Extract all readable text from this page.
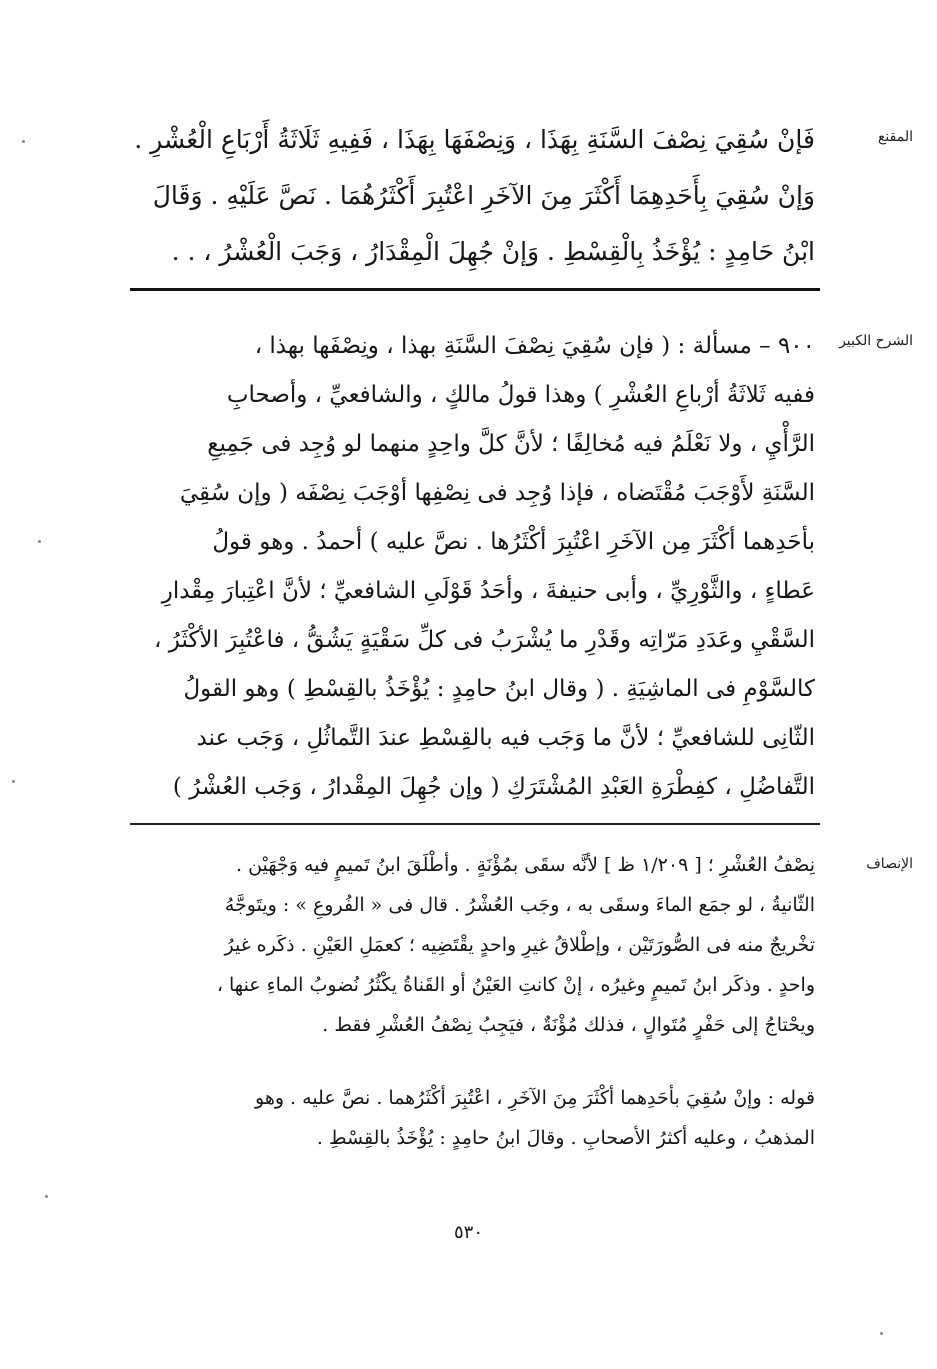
المقنع
فَإنْ سُقِيَ نِصْفَ السَّنَةِ بِهَذَا ، وَنِصْفَهَا بِهَذَا ، فَفِيهِ ثَلَاثَةُ أَرْبَاعِ الْعُشْرِ .
وَإنْ سُقِيَ بِأَحَدِهِمَا أَكْثَرَ مِنَ الآخَرِ اعْتُبِرَ أَكْثَرُهُمَا . نَصَّ عَلَيْهِ . وَقَالَ
ابْنُ حَامِدٍ : يُؤْخَذُ بِالْقِسْطِ . وَإنْ جُهِلَ الْمِقْدَارُ ، وَجَبَ الْعُشْرُ ، . .
الشرح الكبير
٩٠٠ – مسألة : ( فإن سُقِيَ نِصْفَ السَّنَةِ بهذا ، ونِصْفَها بهذا ،
ففيه ثَلاثَةُ أرْباعِ العُشْرِ ) وهذا قولُ مالكٍ ، والشافعيِّ ، وأصحابِ
الرَّأْيِ ، ولا نَعْلَمُ فيه مُخالِفًا ؛ لأنَّ كلَّ واحِدٍ منهما لو وُجِد فى جَمِيعِ
السَّنَةِ لأَوْجَبَ مُقْتَضاه ، فإذا وُجِد فى نِصْفِها أوْجَبَ نِصْفَه ( وإن سُقِيَ
بأحَدِهما أكْثَرَ مِن الآخَرِ اعْتُبِرَ أكْثَرُها . نصَّ عليه ) أحمدُ . وهو قولُ
عَطاءٍ ، والثَّوْرِيِّ ، وأبى حنيفةَ ، وأحَدُ قَوْلَىِ الشافعيِّ ؛ لأنَّ اعْتِبارَ مِقْدارِ
السَّقْيِ وعَدَدِ مَرّاتِه وقَدْرِ ما يُشْرَبُ فى كلِّ سَقْيَةٍ يَشُقُّ ، فاعْتُبِرَ الأكْثَرُ ،
كالسَّوْمِ فى الماشِيَةِ . ( وقال ابنُ حامِدٍ : يُؤْخَذُ بالقِسْطِ ) وهو القولُ
الثّانِى للشافعيِّ ؛ لأنَّ ما وَجَب فيه بالقِسْطِ عندَ التَّماثُلِ ، وَجَب عند
التَّفاضُلِ ، كفِطْرَةِ العَبْدِ المُشْتَرَكِ ( وإن جُهِلَ المِقْدارُ ، وَجَب العُشْرُ )
الإنصاف
نِصْفُ العُشْرِ ؛ [ ١/٢٠٩ ظ ] لأنَّه سقَى بمُؤْنَةٍ . وأطْلَقَ ابنُ تَميمٍ فيه وَجْهَيْن .
الثّانيةُ ، لو جمَع الماءَ وسقَى به ، وجَب العُشْرُ . قال فى « الفُروعِ » : ويتَوجَّهُ
تخْريجٌ منه فى الصُّورَتَيْن ، وإطْلاقُ غيرِ واحدٍ يقْتَضِيه ؛ كعمَلِ العَيْنِ . ذكَره غيرُ
واحدٍ . وذكَر ابنُ تَميمٍ وغيرُه ، إنْ كانتِ العَيْنُ أو القَناةُ يكْثُرُ نُضوبُ الماءِ عنها ،
ويحْتاجُ إلى حَفْرٍ مُتَوالٍ ، فذلك مُؤْنَةٌ ، فيَجِبُ نِصْفُ العُشْرِ فقط .
قوله : وإنْ سُقِيَ بأحَدِهما أكْثَرَ مِنَ الآخَرِ ، اعْتُبِرَ أكْثَرُهما . نصَّ عليه . وهو
المذهبُ ، وعليه أكثرُ الأصحابِ . وقالَ ابنُ حامِدٍ : يُؤْخَذُ بالقِسْطِ .
٥٣٠
